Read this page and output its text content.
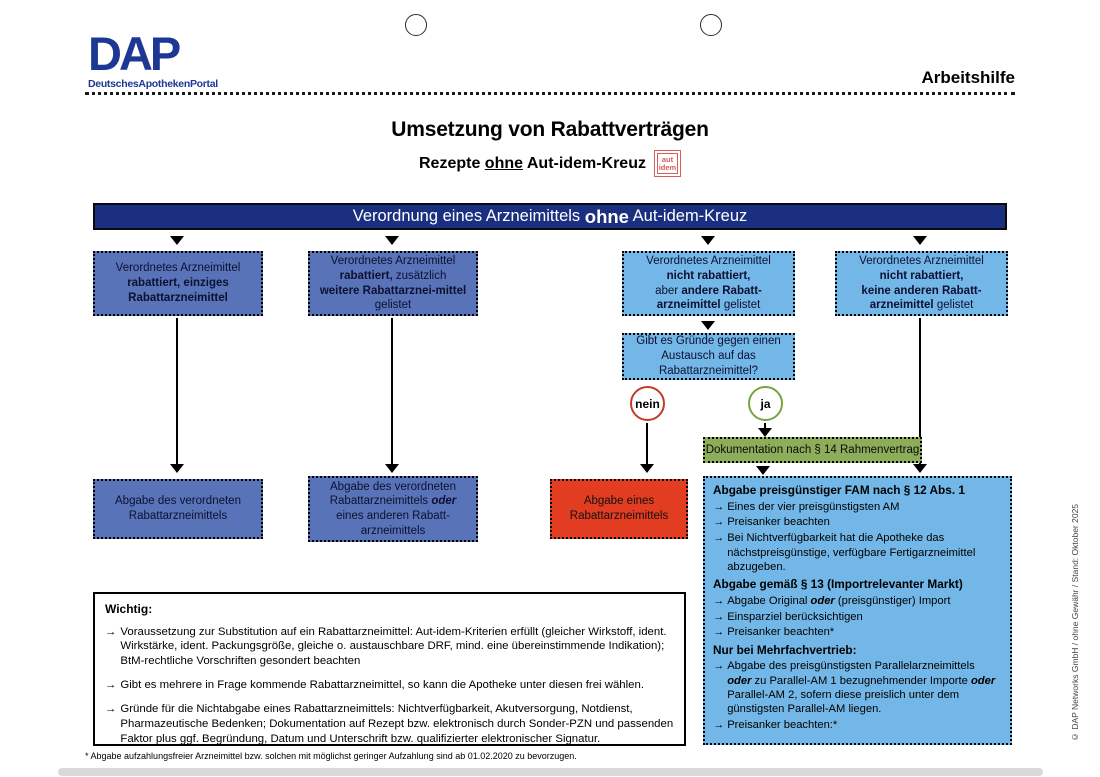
DAP
DeutschesApothekenPortal	Arbeitshilfe
Umsetzung von Rabattverträgen
Rezepte ohne Aut-idem-Kreuz aut
idem
Verordnung eines Arzneimittels ohne Aut-idem-Kreuz
Verordnetes Arzneimittel
rabattiert, einziges Rabattarzneimittel
Verordnetes Arzneimittel
rabattiert, zusätzlich
weitere Rabattarznei-mittel gelistet
Verordnetes Arzneimittel
nicht rabattiert,
aber andere Rabatt-arzneimittel gelistet
Verordnetes Arzneimittel
nicht rabattiert,
keine anderen Rabatt-arzneimittel gelistet
Gibt es Gründe gegen einen Austausch auf das Rabattarzneimittel?
nein	ja
Dokumentation nach § 14 Rahmenvertrag
Abgabe des verordneten Rabattarzneimittels
Abgabe des verordneten Rabattarzneimittels oder eines anderen Rabatt-arzneimittels
Abgabe eines Rabattarzneimittels
Abgabe preisgünstiger FAM nach § 12 Abs. 1
→ Eines der vier preisgünstigsten AM
→ Preisanker beachten
→ Bei Nichtverfügbarkeit hat die Apotheke das nächstpreisgünstige, verfügbare Fertigarzneimittel abzugeben.
Abgabe gemäß § 13 (Importrelevanter Markt)
→ Abgabe Original oder (preisgünstiger) Import
→ Einsparziel berücksichtigen
→ Preisanker beachten*
Nur bei Mehrfachvertrieb:
→ Abgabe des preisgünstigsten Parallelarzneimittels oder zu Parallel-AM 1 bezugnehmender Importe oder Parallel-AM 2, sofern diese preislich unter dem günstigsten Parallel-AM liegen.
→ Preisanker beachten:*
Wichtig:
→ Voraussetzung zur Substitution auf ein Rabattarzneimittel: Aut-idem-Kriterien erfüllt (gleicher Wirkstoff, ident. Wirkstärke, ident. Packungsgröße, gleiche o. austauschbare DRF, mind. eine übereinstimmende Indikation); BtM-rechtliche Vorschriften gesondert beachten
→ Gibt es mehrere in Frage kommende Rabattarzneimittel, so kann die Apotheke unter diesen frei wählen.
→ Gründe für die Nichtabgabe eines Rabattarzneimittels: Nichtverfügbarkeit, Akutversorgung, Notdienst, Pharmazeutische Bedenken; Dokumentation auf Rezept bzw. elektronisch durch Sonder-PZN und passenden Faktor plus ggf. Begründung, Datum und Unterschrift bzw. qualifizierter elektronischer Signatur.
* Abgabe aufzahlungsfreier Arzneimittel bzw. solchen mit möglichst geringer Aufzahlung sind ab 01.02.2020 zu bevorzugen.
© DAP Networks GmbH / ohne Gewähr / Stand: Oktober 2025
